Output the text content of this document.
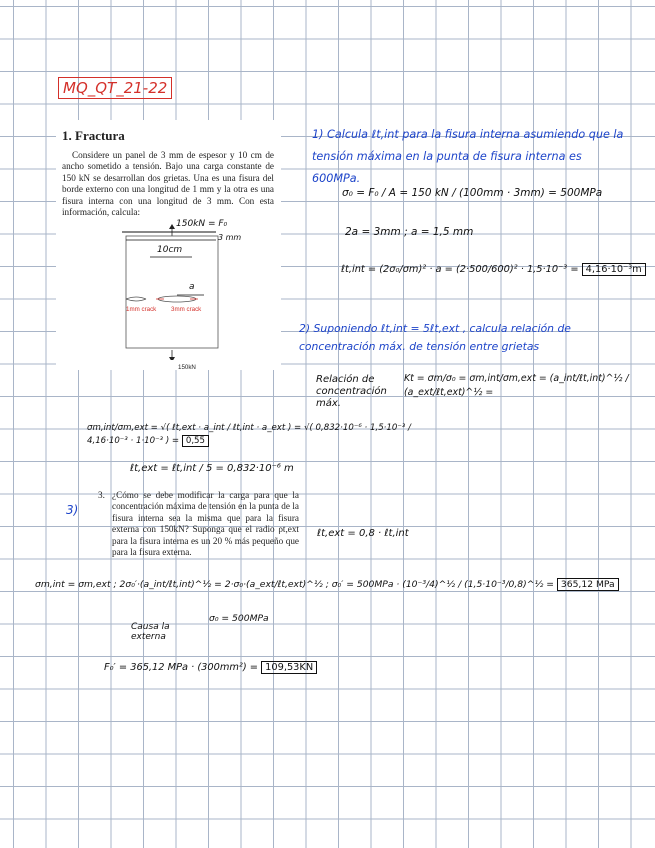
MQ_QT_21-22
1. Fractura

Considere un panel de 3 mm de espesor y 10 cm de ancho sometido a tensión. Bajo una carga constante de 150 kN se desarrollan dos grietas. Una es una fisura del borde externo con una longitud de 1 mm y la otra es una fisura interna con una longitud de 3 mm. Con esta información, calcula:

150kN = F₀
3 mm
10cm
a
1mm crack 3mm crack
150kN
1) Calcula ℓt,int para la fisura interna asumiendo que la tensión máxima en la punta de fisura interna es 600MPa.
σ₀ = F₀ / A = 150 kN / (100mm · 3mm) = 500MPa
2a = 3mm ; a = 1,5 mm
ℓt,int = (2σ₀/σm)² · a = (2·500/600)² · 1,5·10⁻³ = 4,16·10⁻³m
2) Suponiendo ℓt,int = 5ℓt,ext , calcula relación de concentración máx. de tensión entre grietas
Relación de concentración máx.
Kt = σm/σ₀ = σm,int/σm,ext = (a_int/ℓt,int)^½ / (a_ext/ℓt,ext)^½ =
σm,int/σm,ext = √( ℓt,ext · a_int / ℓt,int · a_ext ) = √( 0,832·10⁻⁶ · 1,5·10⁻³ / 4,16·10⁻³ · 1·10⁻³ ) = 0,55
ℓt,ext = ℓt,int / 5 = 0,832·10⁻⁶ m
3)
3. ¿Cómo se debe modificar la carga para que la concentración máxima de tensión en la punta de la fisura interna sea la misma que para la fisura externa con 150kN? Suponga que el radio ρt,ext para la fisura interna es un 20 % más pequeño que para la fisura externa.

ℓt,ext = 0,8 · ℓt,int
σm,int = σm,ext ; 2σ₀′·(a_int/ℓt,int)^½ = 2·σ₀·(a_ext/ℓt,ext)^½ ; σ₀′ = 500MPa · (10⁻³/4)^½ / (1,5·10⁻³/0,8)^½ = 365,12 MPa
Causa la externa
σ₀ = 500MPa
F₀′ = 365,12 MPa · (300mm²) = 109,53KN
